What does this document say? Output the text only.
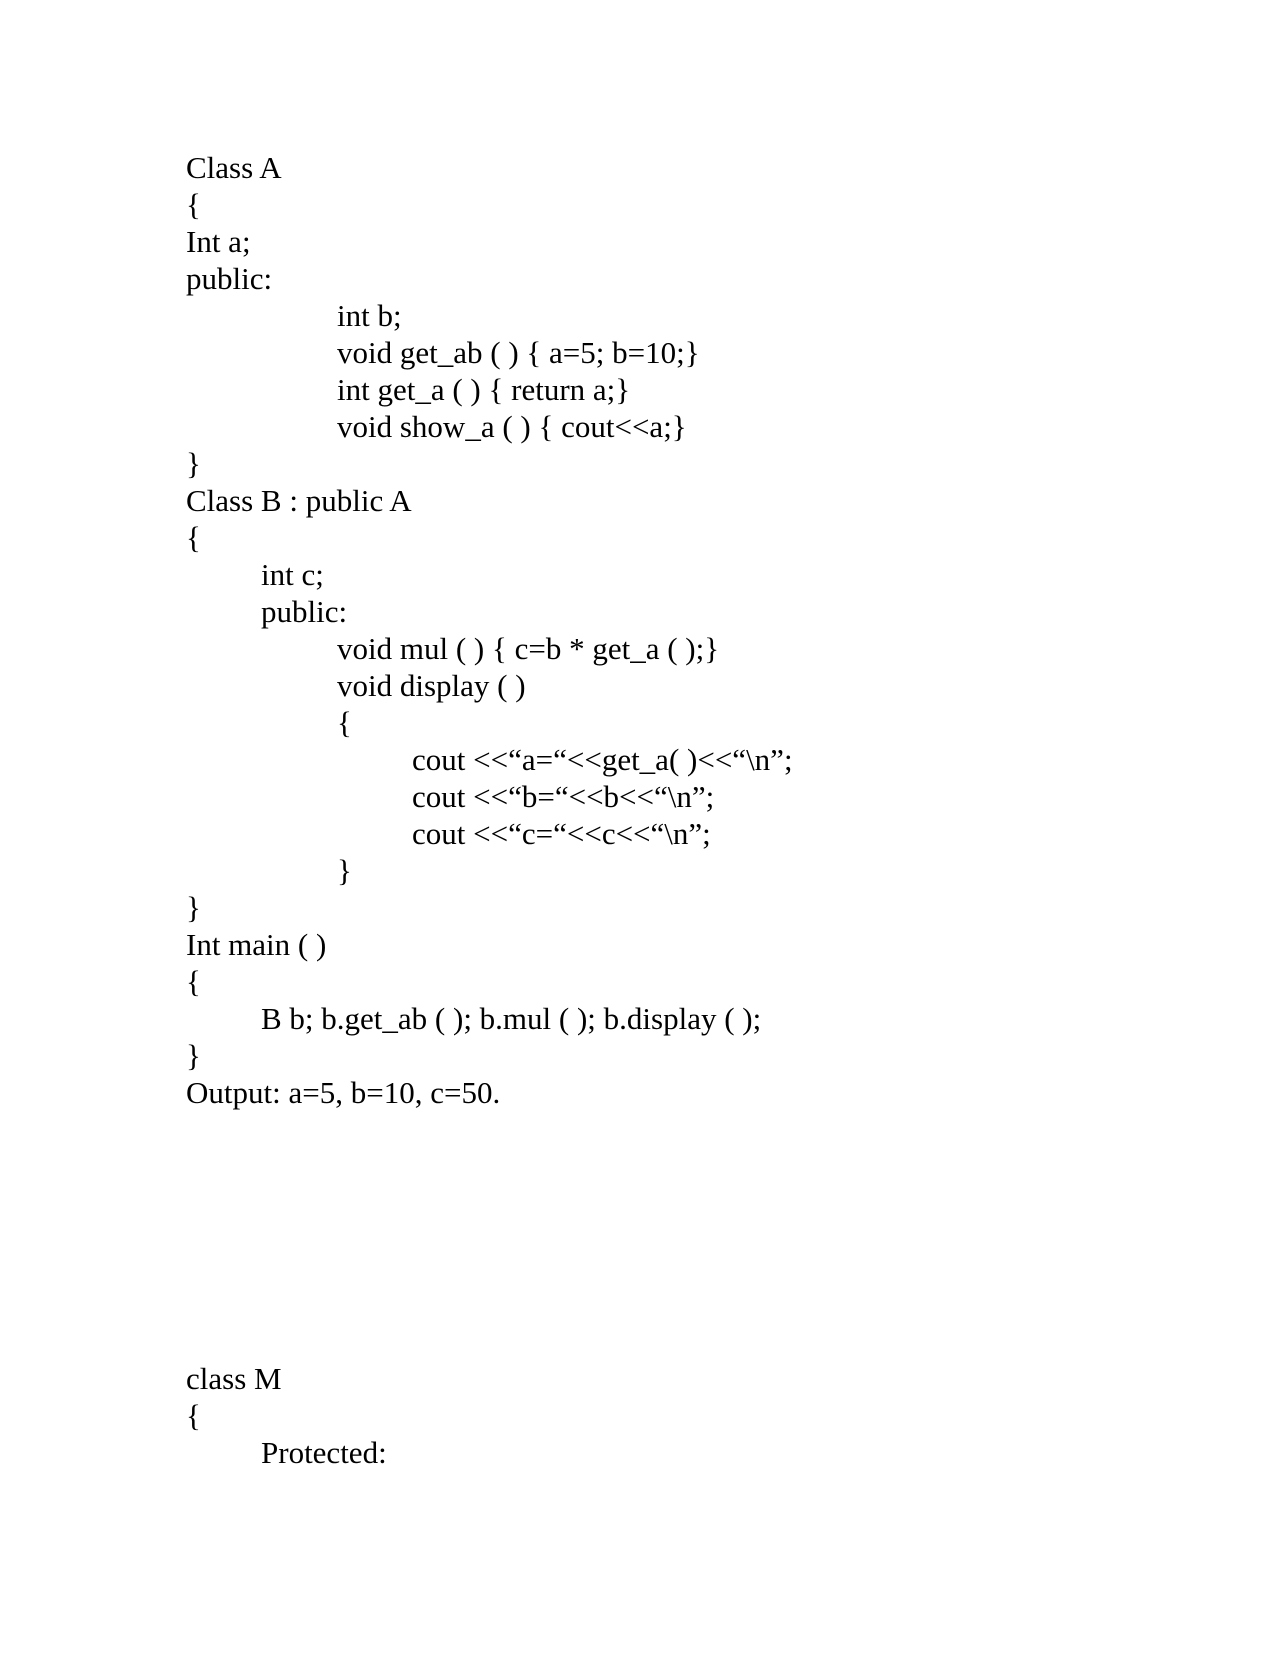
Class A
{
Int a;
public:
int b;
void get_ab ( ) { a=5; b=10;}
int get_a ( ) { return a;}
void show_a ( ) { cout<<a;}
}
Class B : public A
{
int c;
public:
void mul ( ) { c=b * get_a ( );}
void display ( )
{
cout <<“a=“<<get_a( )<<“\n”;
cout <<“b=“<<b<<“\n”;
cout <<“c=“<<c<<“\n”;
}
}
Int main ( )
{
B b; b.get_ab ( ); b.mul ( ); b.display ( );
}
Output: a=5, b=10, c=50.
class M
{
Protected:
